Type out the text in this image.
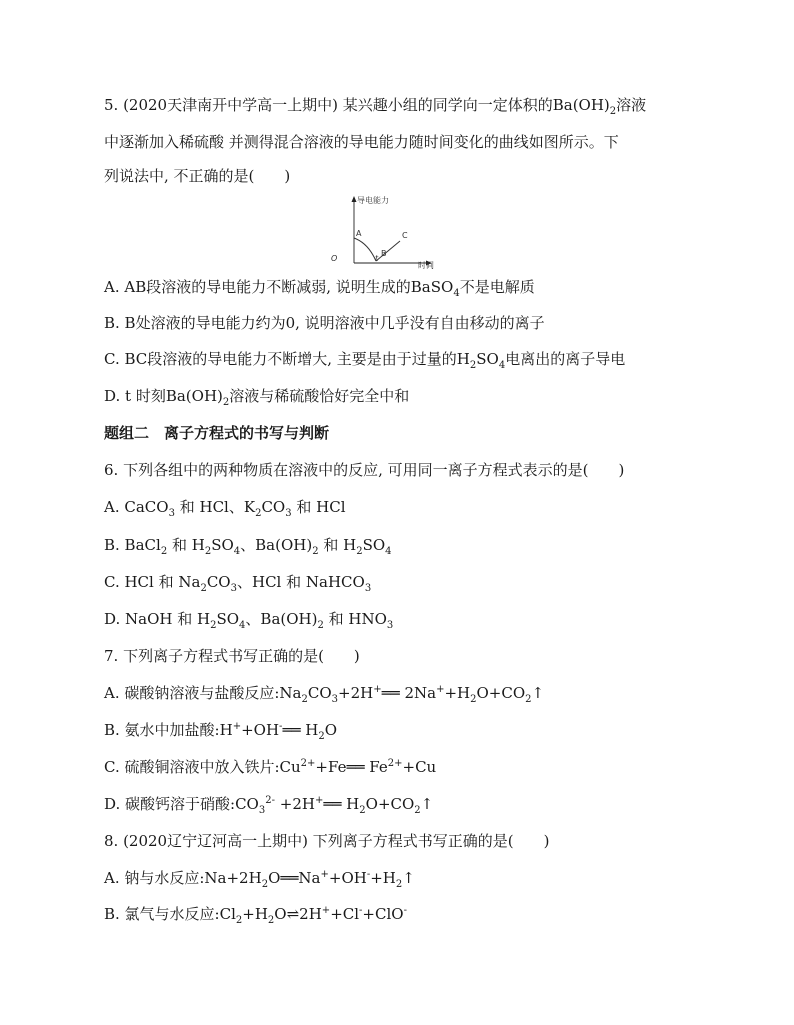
5. (2020天津南开中学高一上期中) 某兴趣小组的同学向一定体积的$Ba(OH)_2$溶液
中逐渐加入稀硫酸 并测得混合溶液的导电能力随时间变化的曲线如图所示。下
列说法中, 不正确的是(　　)
导电能力
时间
O	t
A
B
C
A. AB段溶液的导电能力不断减弱, 说明生成的BaSO$_4$不是电解质
B. B处溶液的导电能力约为0, 说明溶液中几乎没有自由移动的离子
C. BC段溶液的导电能力不断增大, 主要是由于过量的$H_2SO_4$电离出的离子导电
D. t 时刻$Ba(OH)_2$溶液与稀硫酸恰好完全中和
题组二　离子方程式的书写与判断
6. 下列各组中的两种物质在溶液中的反应, 可用同一离子方程式表示的是(　　)
A. CaCO$_3$ 和 HCl、$K_2CO_3$ 和 HCl
B. BaCl$_2$ 和 $H_2SO_4$、$Ba(OH)_2$ 和 $H_2SO_4$
C. HCl 和 $Na_2CO_3$、HCl 和 NaHCO$_3$
D. NaOH 和 $H_2SO_4$、$Ba(OH)_2$ 和 $HNO_3$
7. 下列离子方程式书写正确的是(　　)
A. 碳酸钠溶液与盐酸反应$:Na_2CO_3+2H^+══$ $2Na^++H_2O+CO_2↑$
B. 氨水中加盐酸:H++OH-══ $H_2O$
C. 硫酸铜溶液中放入铁片$:Cu^{2+}+Fe══$ $Fe^{2+}+Cu$
D. 碳酸钙溶于硝酸$:CO_3^{2-}$ +2H+══ $H_2O+CO_2↑$
8. (2020辽宁辽河高一上期中) 下列离子方程式书写正确的是(　　)
A. 钠与水反应$:Na+2H_2O══Na^++OH^-+H_2↑$
B. 氯气与水反应$:Cl_2+H_2O\rightleftharpoons 2H^++Cl^-+ClO^-$
